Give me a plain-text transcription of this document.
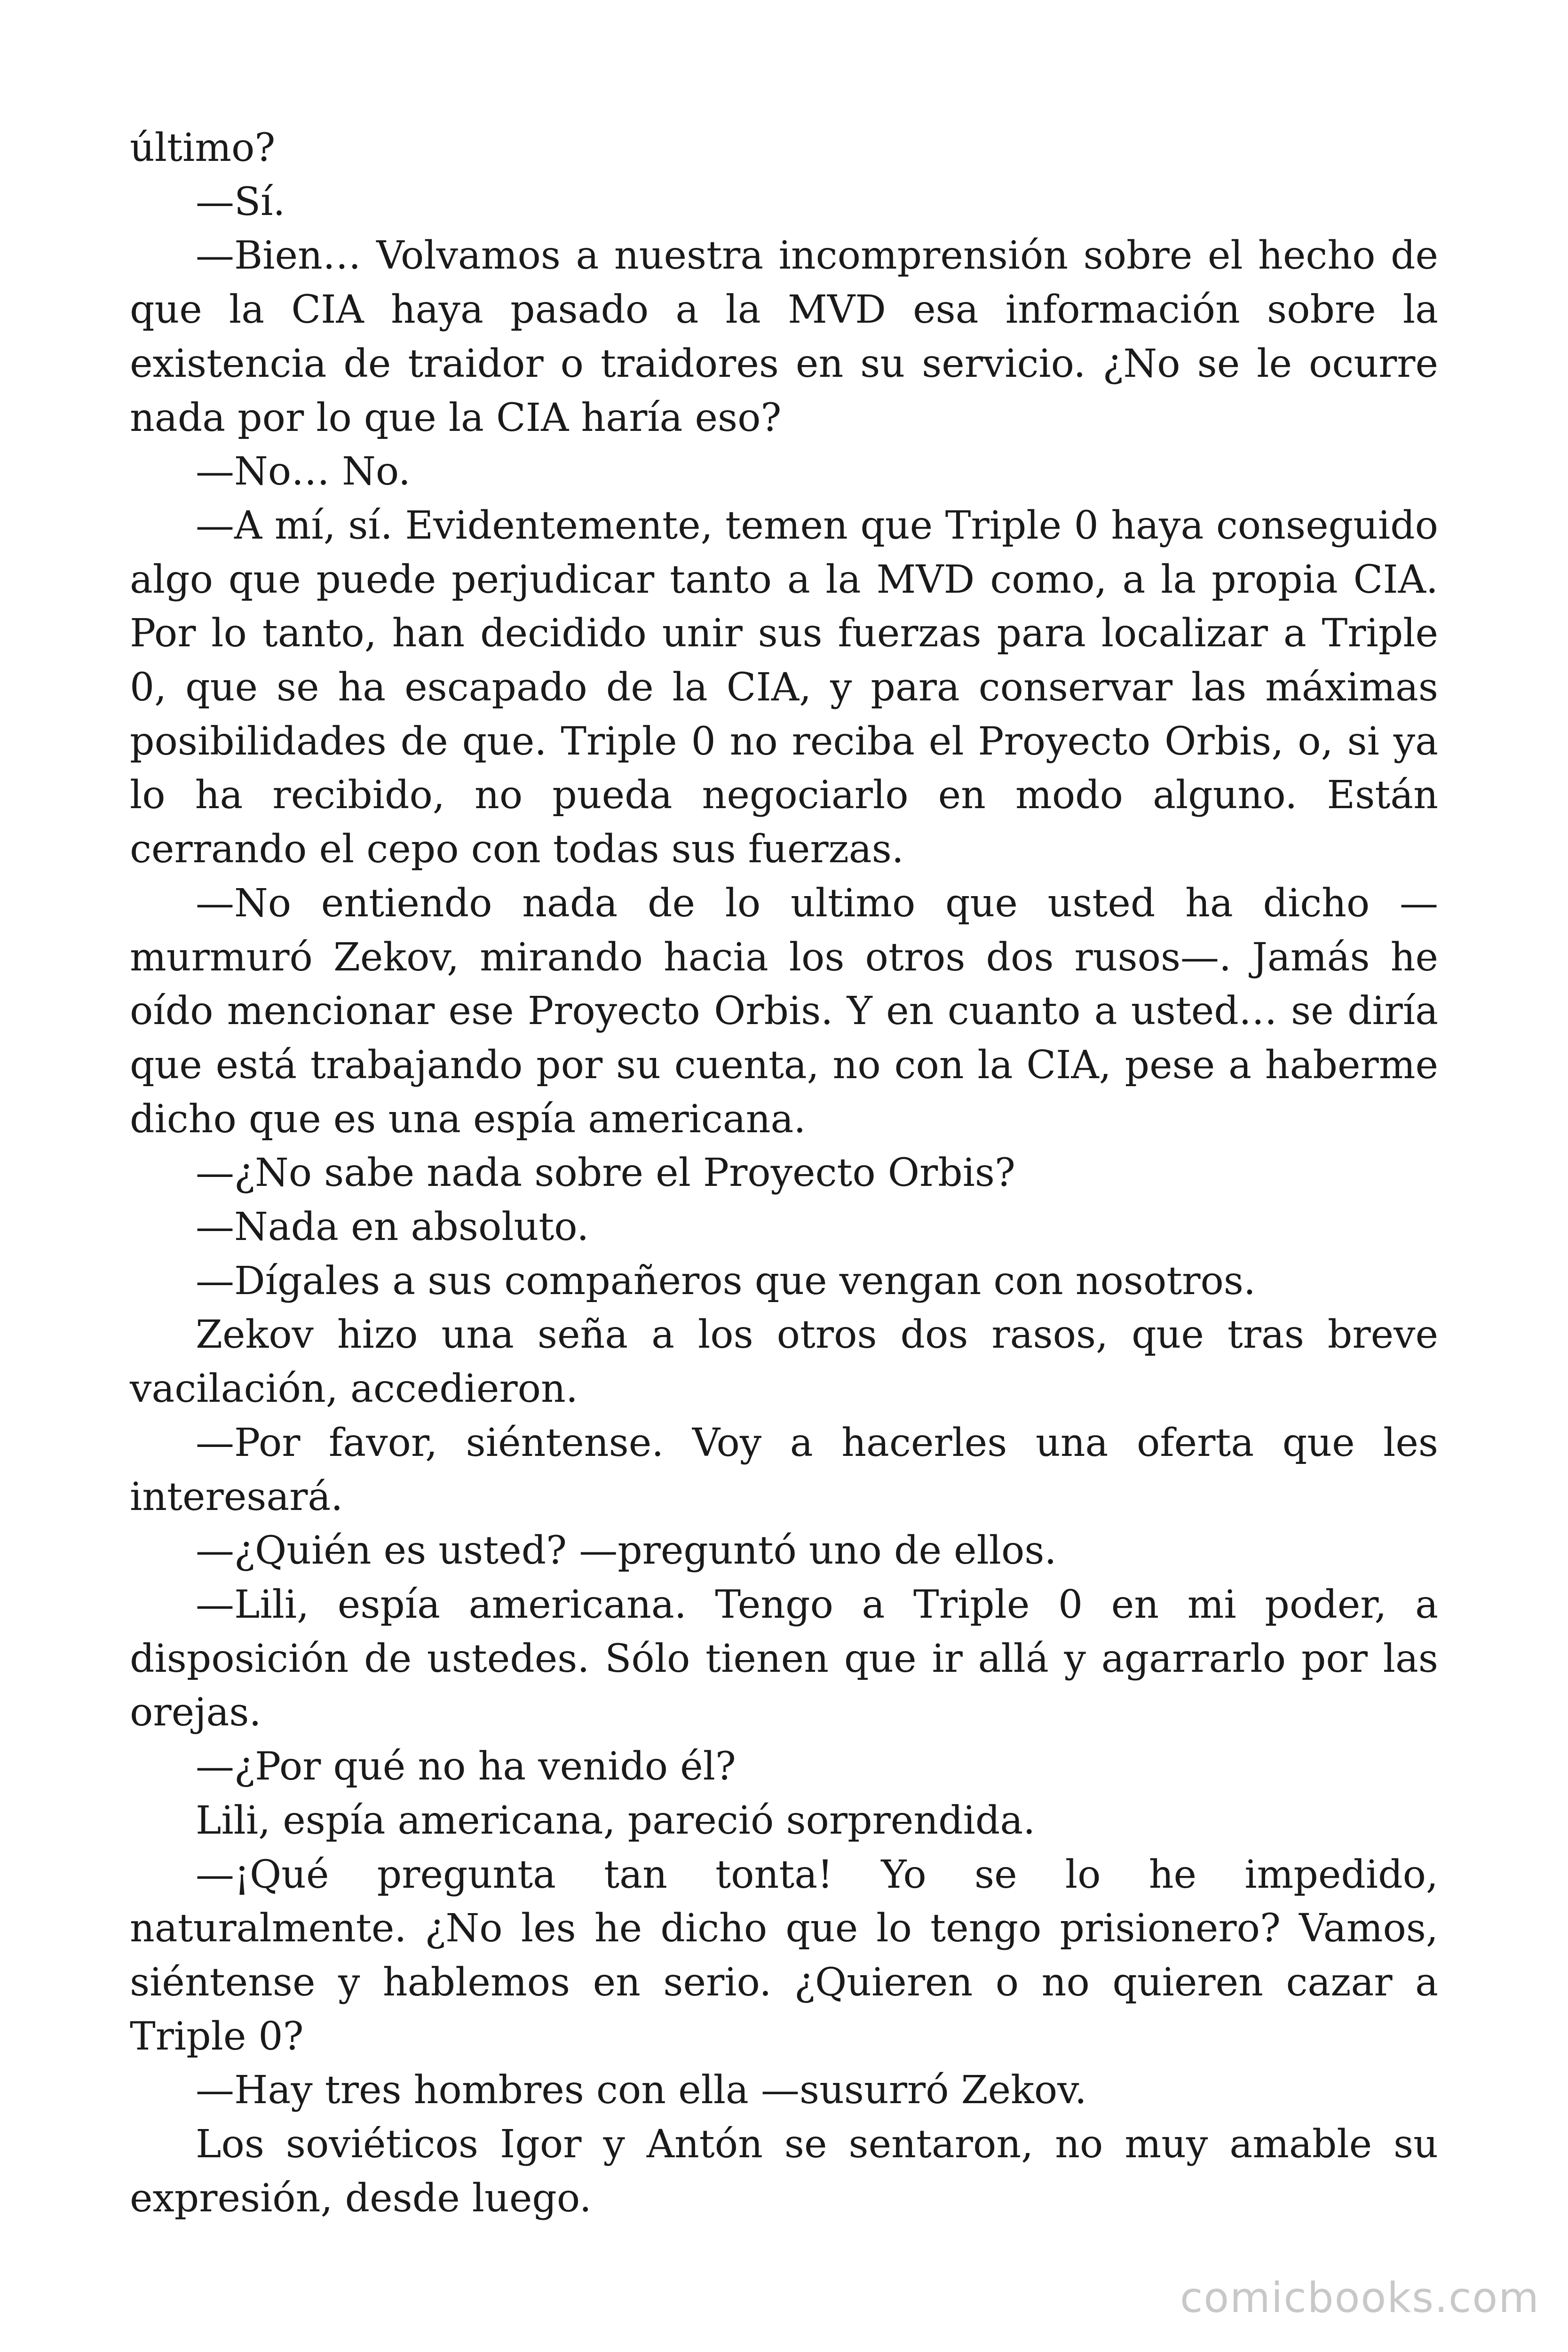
último?

—Sí.

—Bien… Volvamos a nuestra incomprensión sobre el hecho de que la CIA haya pasado a la MVD esa información sobre la existencia de traidor o traidores en su servicio. ¿No se le ocurre nada por lo que la CIA haría eso?

—No… No.

—A mí, sí. Evidentemente, temen que Triple 0 haya conseguido algo que puede perjudicar tanto a la MVD como, a la propia CIA. Por lo tanto, han decidido unir sus fuerzas para localizar a Triple 0, que se ha escapado de la CIA, y para conservar las máximas posibilidades de que. Triple 0 no reciba el Proyecto Orbis, o, si ya lo ha recibido, no pueda negociarlo en modo alguno. Están cerrando el cepo con todas sus fuerzas.

—No entiendo nada de lo ultimo que usted ha dicho —murmuró Zekov, mirando hacia los otros dos rusos—. Jamás he oído mencionar ese Proyecto Orbis. Y en cuanto a usted… se diría que está trabajando por su cuenta, no con la CIA, pese a haberme dicho que es una espía americana.

—¿No sabe nada sobre el Proyecto Orbis?

—Nada en absoluto.

—Dígales a sus compañeros que vengan con nosotros.

Zekov hizo una seña a los otros dos rasos, que tras breve vacilación, accedieron.

—Por favor, siéntense. Voy a hacerles una oferta que les interesará.

—¿Quién es usted? —preguntó uno de ellos.

—Lili, espía americana. Tengo a Triple 0 en mi poder, a disposición de ustedes. Sólo tienen que ir allá y agarrarlo por las orejas.

—¿Por qué no ha venido él?

Lili, espía americana, pareció sorprendida.

—¡Qué pregunta tan tonta! Yo se lo he impedido, naturalmente. ¿No les he dicho que lo tengo prisionero? Vamos, siéntense y hablemos en serio. ¿Quieren o no quieren cazar a Triple 0?

—Hay tres hombres con ella —susurró Zekov.

Los soviéticos Igor y Antón se sentaron, no muy amable su expresión, desde luego.

comicbooks.com
